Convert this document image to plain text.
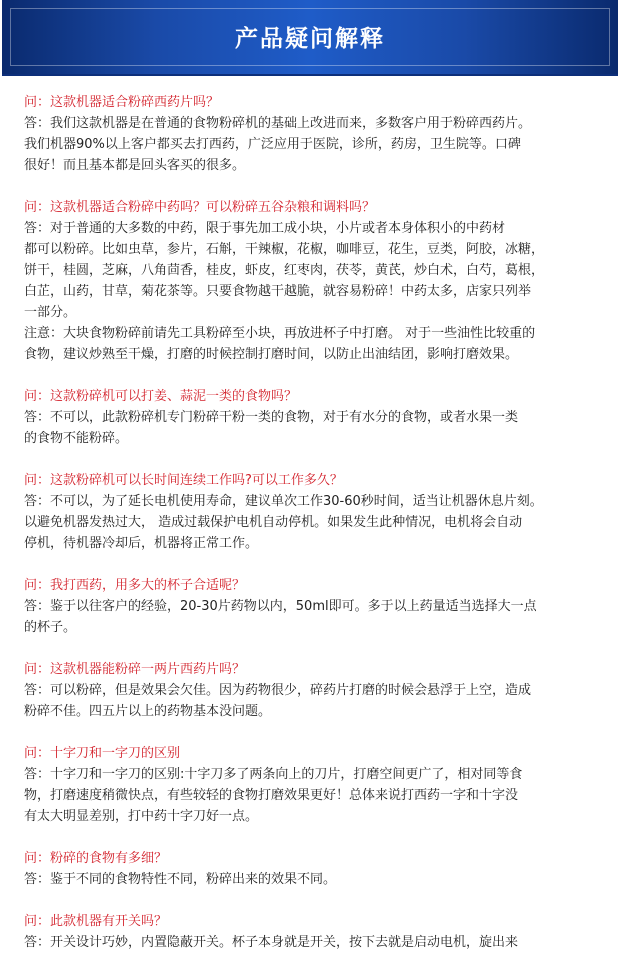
产品疑问解释

问：这款机器适合粉碎西药片吗？

答：我们这款机器是在普通的食物粉碎机的基础上改进而来，多数客户用于粉碎西药片。

我们机器90%以上客户都买去打西药，广泛应用于医院，诊所，药房，卫生院等。口碑

很好！而且基本都是回头客买的很多。

问：这款机器适合粉碎中药吗？可以粉碎五谷杂粮和调料吗？

答：对于普通的大多数的中药，限于事先加工成小块，小片或者本身体积小的中药材

都可以粉碎。比如虫草，参片，石斛，干辣椒，花椒，咖啡豆，花生，豆类，阿胶，冰糖，

饼干，桂圆，芝麻，八角茴香，桂皮，虾皮，红枣肉，茯苓，黄芪，炒白术，白芍，葛根，

白芷，山药，甘草，菊花茶等。只要食物越干越脆，就容易粉碎！中药太多，店家只列举

一部分。

注意：大块食物粉碎前请先工具粉碎至小块，再放进杯子中打磨。 对于一些油性比较重的

食物，建议炒熟至干燥，打磨的时候控制打磨时间，以防止出油结团，影响打磨效果。

问：这款粉碎机可以打姜、蒜泥一类的食物吗？

答：不可以，此款粉碎机专门粉碎干粉一类的食物，对于有水分的食物，或者水果一类

的食物不能粉碎。

问：这款粉碎机可以长时间连续工作吗?可以工作多久？

答：不可以，为了延长电机使用寿命，建议单次工作30-60秒时间，适当让机器休息片刻。

以避免机器发热过大， 造成过载保护电机自动停机。如果发生此种情况，电机将会自动

停机，待机器冷却后，机器将正常工作。

问：我打西药，用多大的杯子合适呢？

答：鉴于以往客户的经验，20-30片药物以内，50ml即可。多于以上药量适当选择大一点

的杯子。

问：这款机器能粉碎一两片西药片吗？

答：可以粉碎，但是效果会欠佳。因为药物很少，碎药片打磨的时候会悬浮于上空，造成

粉碎不佳。四五片以上的药物基本没问题。

问：十字刀和一字刀的区别

答：十字刀和一字刀的区别:十字刀多了两条向上的刀片，打磨空间更广了，相对同等食

物，打磨速度稍微快点，有些较轻的食物打磨效果更好！总体来说打西药一字和十字没

有太大明显差别，打中药十字刀好一点。

问：粉碎的食物有多细？

答：鉴于不同的食物特性不同，粉碎出来的效果不同。

问：此款机器有开关吗？

答：开关设计巧妙，内置隐蔽开关。杯子本身就是开关，按下去就是启动电机，旋出来
